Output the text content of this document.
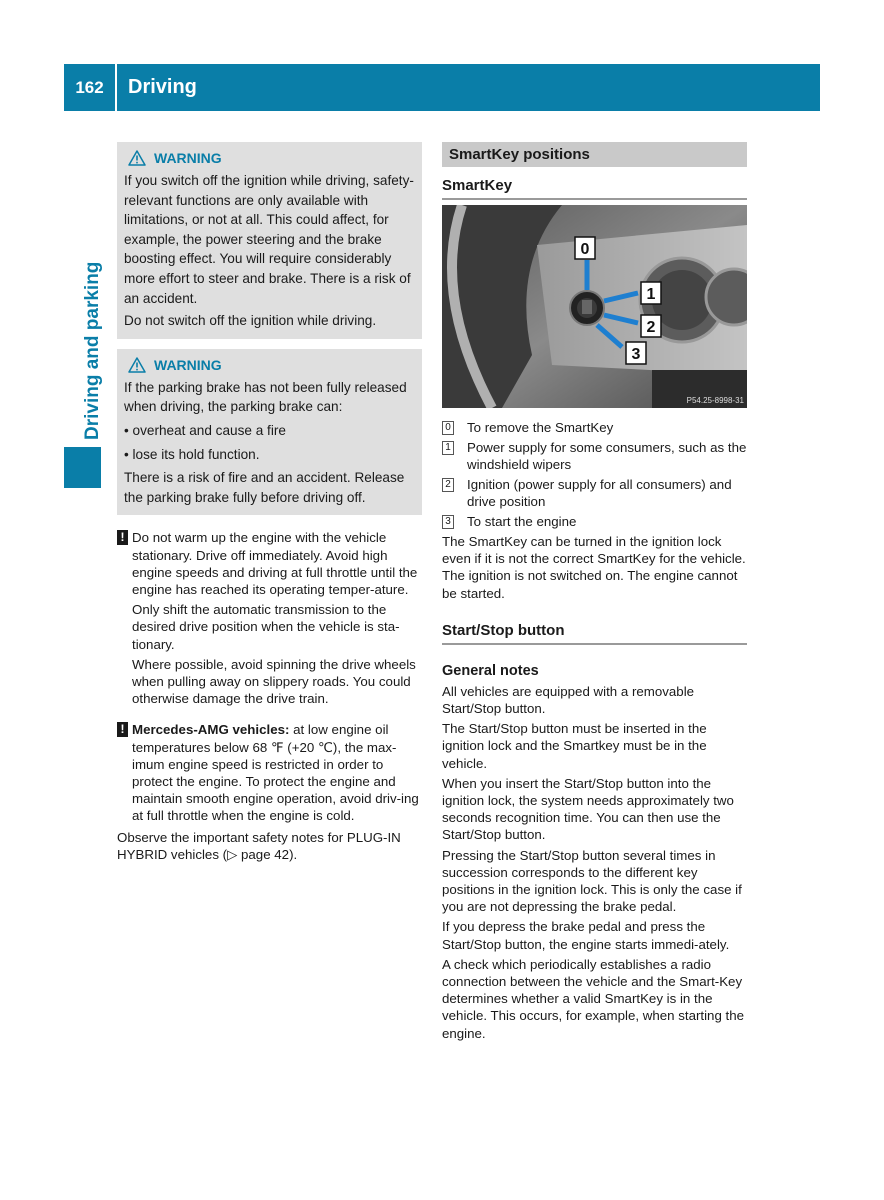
162	Driving
Driving and parking
WARNING

If you switch off the ignition while driving, safety-relevant functions are only available with limitations, or not at all. This could affect, for example, the power steering and the brake boosting effect. You will require considerably more effort to steer and brake. There is a risk of an accident.

Do not switch off the ignition while driving.

WARNING

If the parking brake has not been fully released when driving, the parking brake can:

• overheat and cause a fire
• lose its hold function.

There is a risk of fire and an accident. Release the parking brake fully before driving off.

! Do not warm up the engine with the vehicle stationary. Drive off immediately. Avoid high engine speeds and driving at full throttle until the engine has reached its operating temper-ature.

Only shift the automatic transmission to the desired drive position when the vehicle is sta-tionary.

Where possible, avoid spinning the drive wheels when pulling away on slippery roads. You could otherwise damage the drive train.

! Mercedes-AMG vehicles: at low engine oil temperatures below 68 ℉ (+20 ℃), the max-imum engine speed is restricted in order to protect the engine. To protect the engine and maintain smooth engine operation, avoid driv-ing at full throttle when the engine is cold.

Observe the important safety notes for PLUG-IN HYBRID vehicles (▷ page 42).

SmartKey positions
SmartKey
0
1
2
3
P54.25-8998-31
0 To remove the SmartKey
1 Power supply for some consumers, such as the windshield wipers
2 Ignition (power supply for all consumers) and drive position
3 To start the engine

The SmartKey can be turned in the ignition lock even if it is not the correct SmartKey for the vehicle. The ignition is not switched on. The engine cannot be started.

Start/Stop button
General notes

All vehicles are equipped with a removable Start/Stop button.

The Start/Stop button must be inserted in the ignition lock and the Smartkey must be in the vehicle.

When you insert the Start/Stop button into the ignition lock, the system needs approximately two seconds recognition time. You can then use the Start/Stop button.

Pressing the Start/Stop button several times in succession corresponds to the different key positions in the ignition lock. This is only the case if you are not depressing the brake pedal.

If you depress the brake pedal and press the Start/Stop button, the engine starts immedi-ately.

A check which periodically establishes a radio connection between the vehicle and the Smart-Key determines whether a valid SmartKey is in the vehicle. This occurs, for example, when starting the engine.
